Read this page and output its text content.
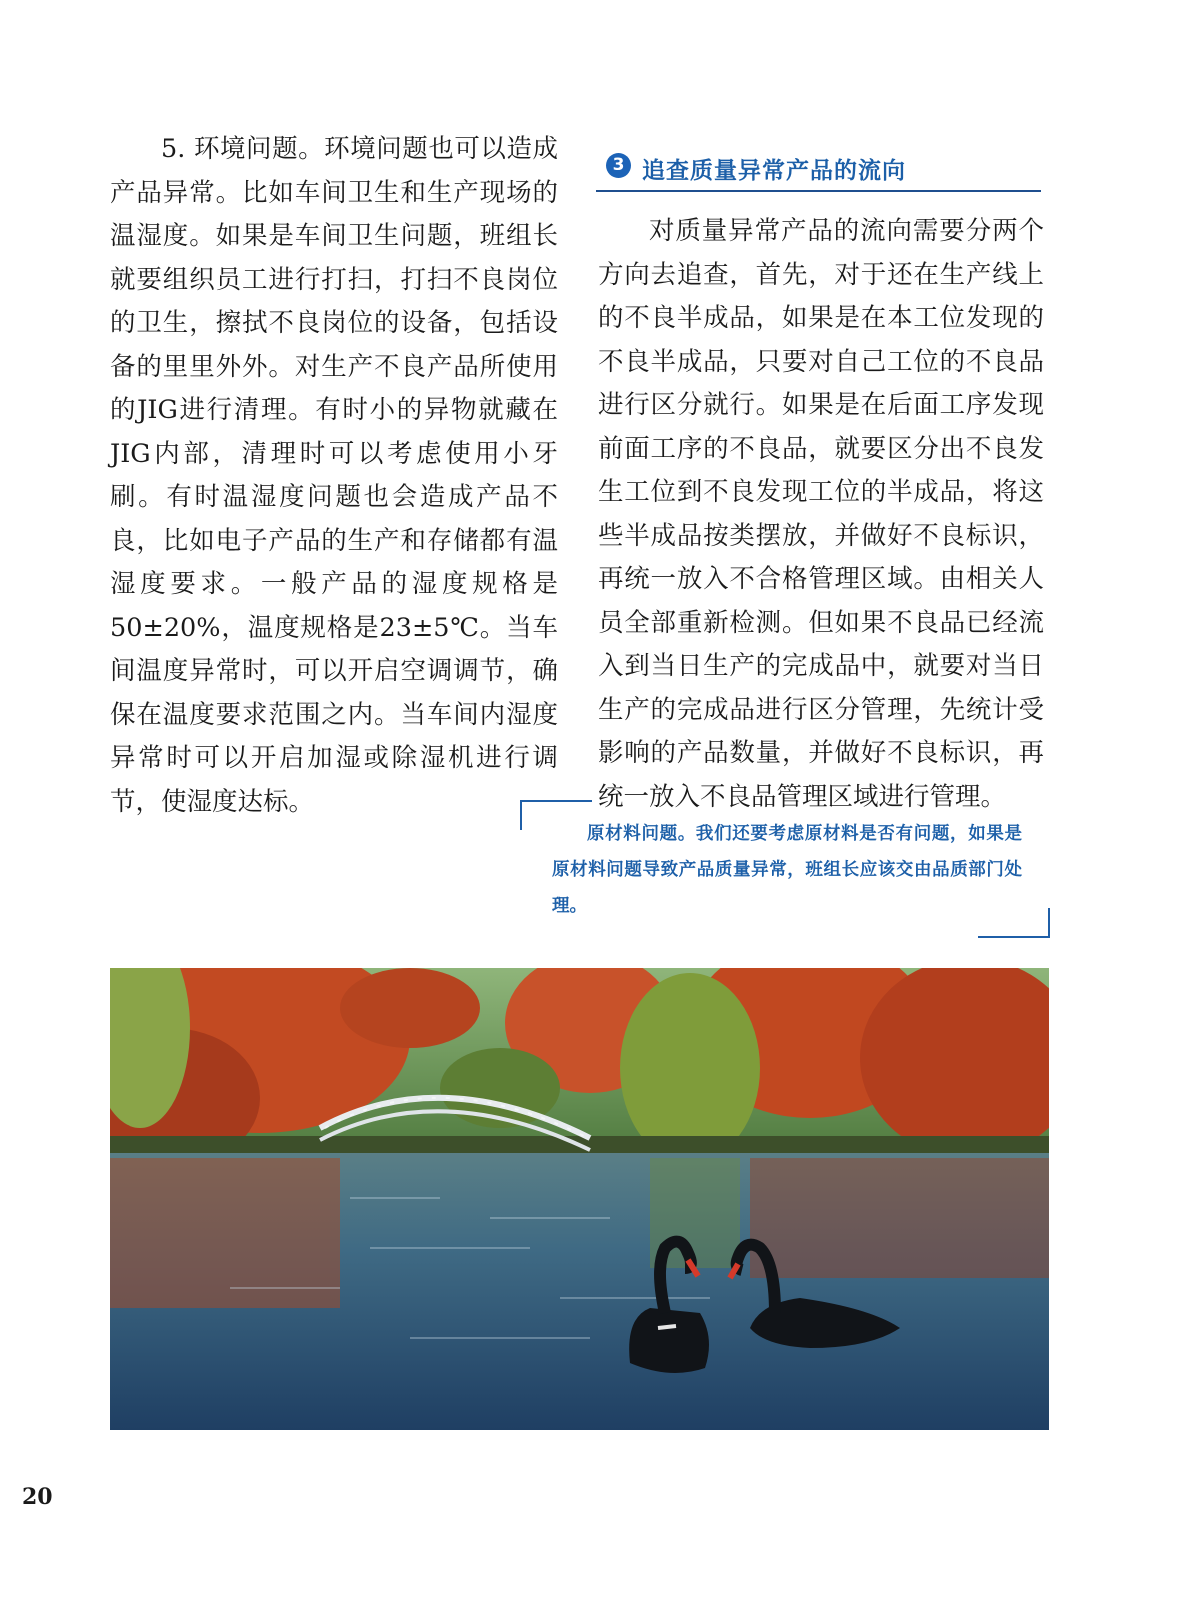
5. 环境问题。环境问题也可以造成产品异常。比如车间卫生和生产现场的温湿度。如果是车间卫生问题，班组长就要组织员工进行打扫，打扫不良岗位的卫生，擦拭不良岗位的设备，包括设备的里里外外。对生产不良产品所使用的JIG进行清理。有时小的异物就藏在JIG内部，清理时可以考虑使用小牙刷。有时温湿度问题也会造成产品不良，比如电子产品的生产和存储都有温湿度要求。一般产品的湿度规格是50±20%，温度规格是23±5℃。当车间温度异常时，可以开启空调调节，确保在温度要求范围之内。当车间内湿度异常时可以开启加湿或除湿机进行调节，使湿度达标。

3 追查质量异常产品的流向

对质量异常产品的流向需要分两个方向去追查，首先，对于还在生产线上的不良半成品，如果是在本工位发现的不良半成品，只要对自己工位的不良品进行区分就行。如果是在后面工序发现前面工序的不良品，就要区分出不良发生工位到不良发现工位的半成品，将这些半成品按类摆放，并做好不良标识，再统一放入不合格管理区域。由相关人员全部重新检测。但如果不良品已经流入到当日生产的完成品中，就要对当日生产的完成品进行区分管理，先统计受影响的产品数量，并做好不良标识，再统一放入不良品管理区域进行管理。

原材料问题。我们还要考虑原材料是否有问题，如果是原材料问题导致产品质量异常，班组长应该交由品质部门处理。

20
